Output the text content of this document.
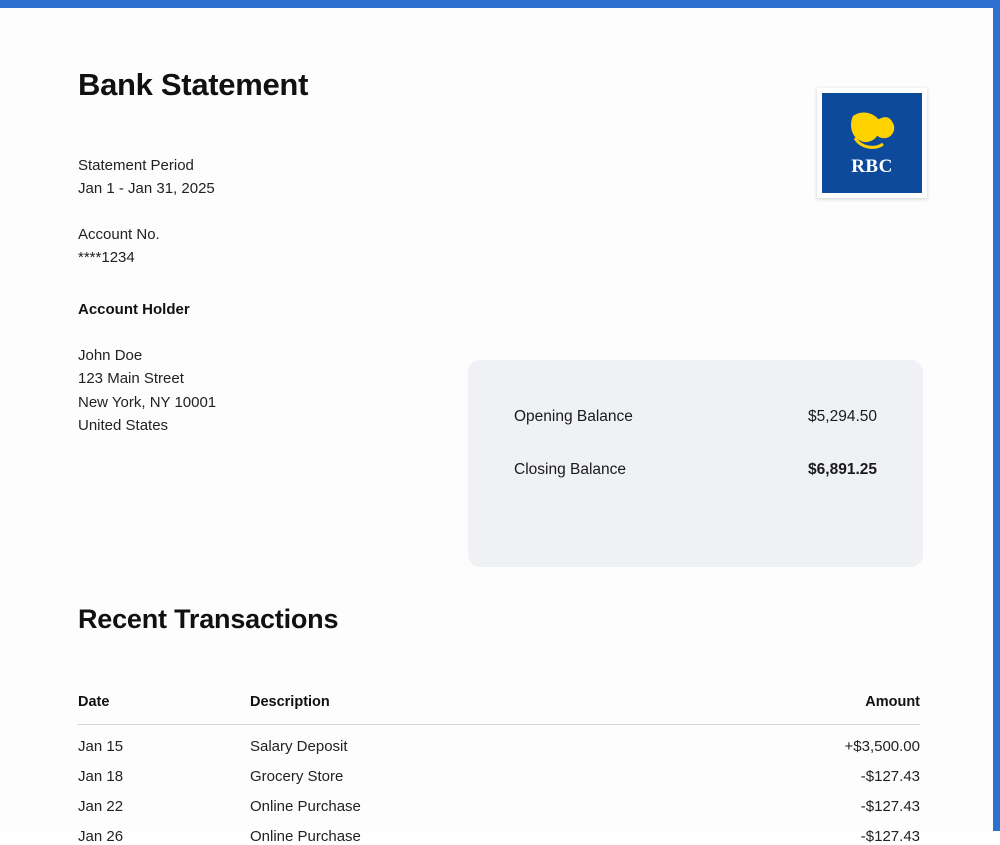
Bank Statement
RBC
Statement Period
Jan 1 - Jan 31, 2025
Account No.
****1234
Account Holder
John Doe
123 Main Street
New York, NY 10001
United States
Opening Balance	$5,294.50
Closing Balance	$6,891.25
Recent Transactions
Date	Description	Amount
Jan 15	Salary Deposit	+$3,500.00
Jan 18	Grocery Store	-$127.43
Jan 22	Online Purchase	-$127.43
Jan 26	Online Purchase	-$127.43
